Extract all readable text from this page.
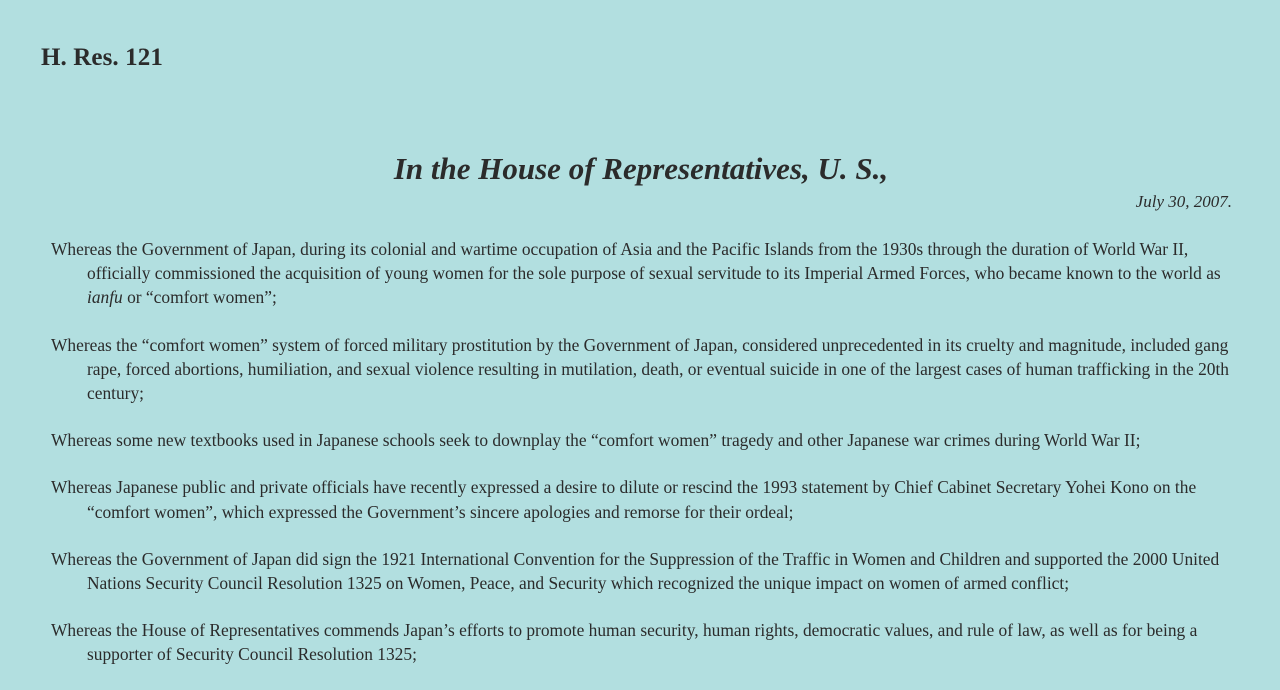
H. Res. 121
In the House of Representatives, U. S.,
July 30, 2007.

Whereas the Government of Japan, during its colonial and wartime occupation of Asia and the Pacific Islands from the 1930s through the duration of World War II, officially commissioned the acquisition of young women for the sole purpose of sexual servitude to its Imperial Armed Forces, who became known to the world as ianfu or “comfort women”;

Whereas the “comfort women” system of forced military prostitution by the Government of Japan, considered unprecedented in its cruelty and magnitude, included gang rape, forced abortions, humiliation, and sexual violence resulting in mutilation, death, or eventual suicide in one of the largest cases of human trafficking in the 20th century;

Whereas some new textbooks used in Japanese schools seek to downplay the “comfort women” tragedy and other Japanese war crimes during World War II;

Whereas Japanese public and private officials have recently expressed a desire to dilute or rescind the 1993 statement by Chief Cabinet Secretary Yohei Kono on the “comfort women”, which expressed the Government’s sincere apologies and remorse for their ordeal;

Whereas the Government of Japan did sign the 1921 International Convention for the Suppression of the Traffic in Women and Children and supported the 2000 United Nations Security Council Resolution 1325 on Women, Peace, and Security which recognized the unique impact on women of armed conflict;

Whereas the House of Representatives commends Japan’s efforts to promote human security, human rights, democratic values, and rule of law, as well as for being a supporter of Security Council Resolution 1325;
